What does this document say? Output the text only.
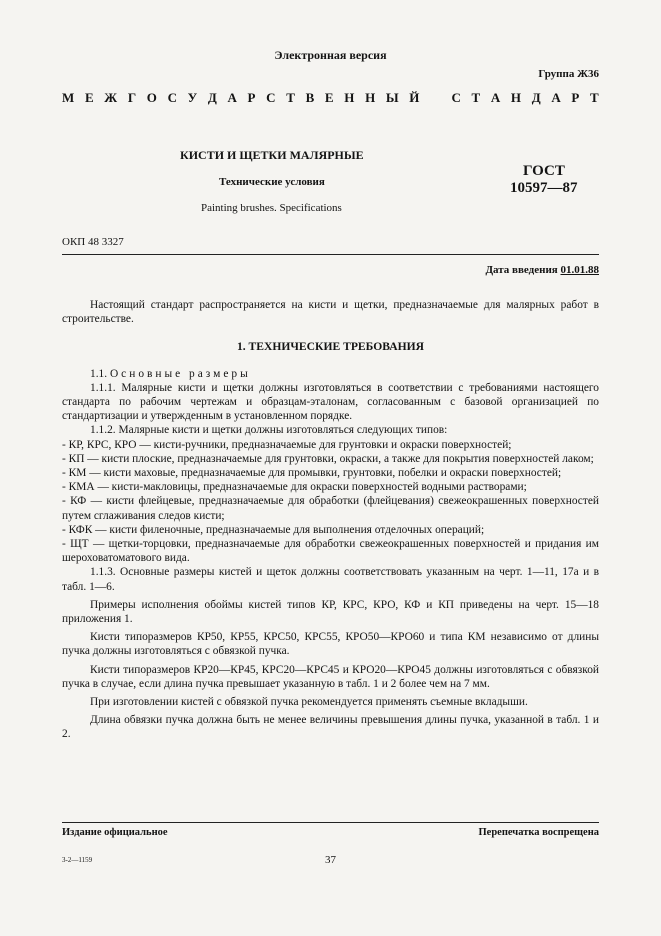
Электронная версия
Группа Ж36
М Е Ж Г О С У Д А Р С Т В Е Н Н Ы Й С Т А Н Д А Р Т
КИСТИ И ЩЕТКИ МАЛЯРНЫЕ
Технические условия
Painting brushes. Specifications
ГОСТ
10597—87
ОКП 48 3327
Дата введения 01.01.88

Настоящий стандарт распространяется на кисти и щетки, предназначаемые для малярных работ в строительстве.

1. ТЕХНИЧЕСКИЕ ТРЕБОВАНИЯ

1.1. Основные размеры

1.1.1. Малярные кисти и щетки должны изготовляться в соответствии с требованиями настоящего стандарта по рабочим чертежам и образцам-эталонам, согласованным с базовой организацией по стандартизации и утвержденным в установленном порядке.

1.1.2. Малярные кисти и щетки должны изготовляться следующих типов:

- КР, КРС, КРО — кисти-ручники, предназначаемые для грунтовки и окраски поверхностей;

- КП — кисти плоские, предназначаемые для грунтовки, окраски, а также для покрытия поверхностей лаком;

- КМ — кисти маховые, предназначаемые для промывки, грунтовки, побелки и окраски поверхностей;

- КМА — кисти-макловицы, предназначаемые для окраски поверхностей водными растворами;

- КФ — кисти флейцевые, предназначаемые для обработки (флейцевания) свежеокрашенных поверхностей путем сглаживания следов кисти;

- КФК — кисти филеночные, предназначаемые для выполнения отделочных операций;

- ЩТ — щетки-торцовки, предназначаемые для обработки свежеокрашенных поверхностей и придания им шероховатоматового вида.

1.1.3. Основные размеры кистей и щеток должны соответствовать указанным на черт. 1—11, 17а и в табл. 1—6.

Примеры исполнения обоймы кистей типов КР, КРС, КРО, КФ и КП приведены на черт. 15—18 приложения 1.

Кисти типоразмеров КР50, КР55, КРС50, КРС55, КРО50—КРО60 и типа КМ независимо от длины пучка должны изготовляться с обвязкой пучка.

Кисти типоразмеров КР20—КР45, КРС20—КРС45 и КРО20—КРО45 должны изготовляться с обвязкой пучка в случае, если длина пучка превышает указанную в табл. 1 и 2 более чем на 7 мм.

При изготовлении кистей с обвязкой пучка рекомендуется применять съемные вкладыши.

Длина обвязки пучка должна быть не менее величины превышения длины пучка, указанной в табл. 1 и 2.

Издание официальное	Перепечатка воспрещена
3-2—1159	37
